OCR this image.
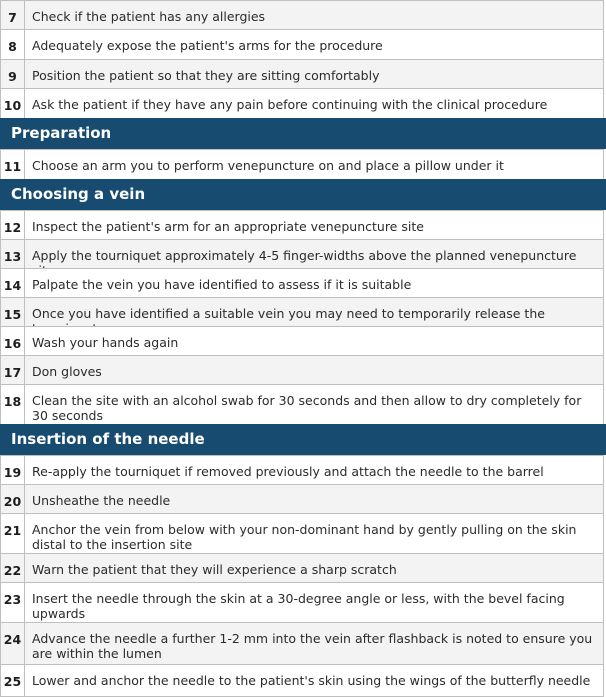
7	Check if the patient has any allergies
8	Adequately expose the patient's arms for the procedure
9	Position the patient so that they are sitting comfortably
10 Ask the patient if they have any pain before continuing with the clinical procedure
Preparation
11 Choose an arm you to perform venepuncture on and place a pillow under it
Choosing a vein
12 Inspect the patient's arm for an appropriate venepuncture site
13 Apply the tourniquet approximately 4-5 finger-widths above the planned venepuncture
14 Palpate the vein you have identified to assess if it is suitable
15 Once you have identified a suitable vein you may need to temporarily release the
16 Wash your hands again
17 Don gloves
18 Clean the site with an alcohol swab for 30 seconds and then allow to dry completely for 30 seconds
Insertion of the needle
19 Re-apply the tourniquet if removed previously and attach the needle to the barrel
20 Unsheathe the needle
21 Anchor the vein from below with your non-dominant hand by gently pulling on the skin distal to the insertion site
22 Warn the patient that they will experience a sharp scratch
23 Insert the needle through the skin at a 30-degree angle or less, with the bevel facing upwards
24 Advance the needle a further 1-2 mm into the vein after flashback is noted to ensure you are within the lumen
25 Lower and anchor the needle to the patient's skin using the wings of the butterfly needle
